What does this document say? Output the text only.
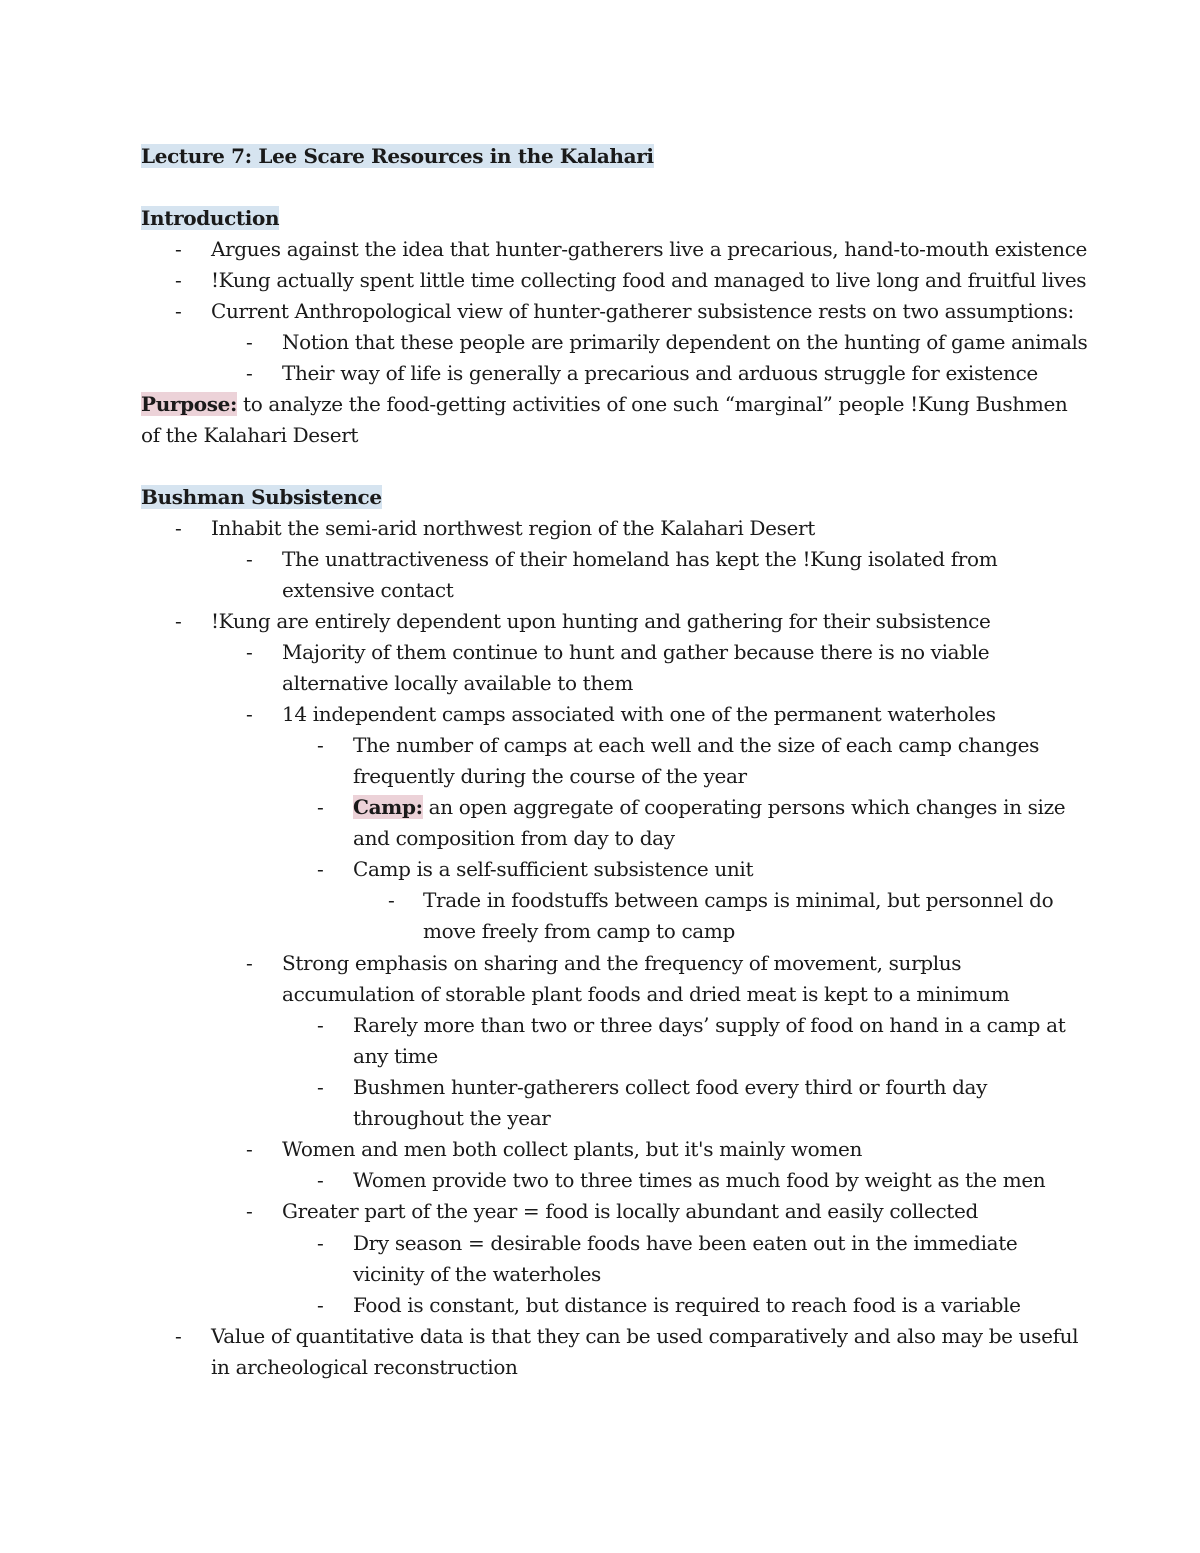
Lecture 7: Lee Scare Resources in the Kalahari
Introduction
- Argues against the idea that hunter-gatherers live a precarious, hand-to-mouth existence
- !Kung actually spent little time collecting food and managed to live long and fruitful lives
- Current Anthropological view of hunter-gatherer subsistence rests on two assumptions:
- Notion that these people are primarily dependent on the hunting of game animals
- Their way of life is generally a precarious and arduous struggle for existence
Purpose: to analyze the food-getting activities of one such “marginal” people !Kung Bushmen
of the Kalahari Desert
Bushman Subsistence
- Inhabit the semi-arid northwest region of the Kalahari Desert
- The unattractiveness of their homeland has kept the !Kung isolated from
extensive contact
- !Kung are entirely dependent upon hunting and gathering for their subsistence
- Majority of them continue to hunt and gather because there is no viable
alternative locally available to them
- 14 independent camps associated with one of the permanent waterholes
- The number of camps at each well and the size of each camp changes
frequently during the course of the year
- Camp: an open aggregate of cooperating persons which changes in size
and composition from day to day
- Camp is a self-sufficient subsistence unit
- Trade in foodstuffs between camps is minimal, but personnel do
move freely from camp to camp
- Strong emphasis on sharing and the frequency of movement, surplus
accumulation of storable plant foods and dried meat is kept to a minimum
- Rarely more than two or three days’ supply of food on hand in a camp at
any time
- Bushmen hunter-gatherers collect food every third or fourth day
throughout the year
- Women and men both collect plants, but it's mainly women
- Women provide two to three times as much food by weight as the men
- Greater part of the year = food is locally abundant and easily collected
- Dry season = desirable foods have been eaten out in the immediate
vicinity of the waterholes
- Food is constant, but distance is required to reach food is a variable
- Value of quantitative data is that they can be used comparatively and also may be useful
in archeological reconstruction
